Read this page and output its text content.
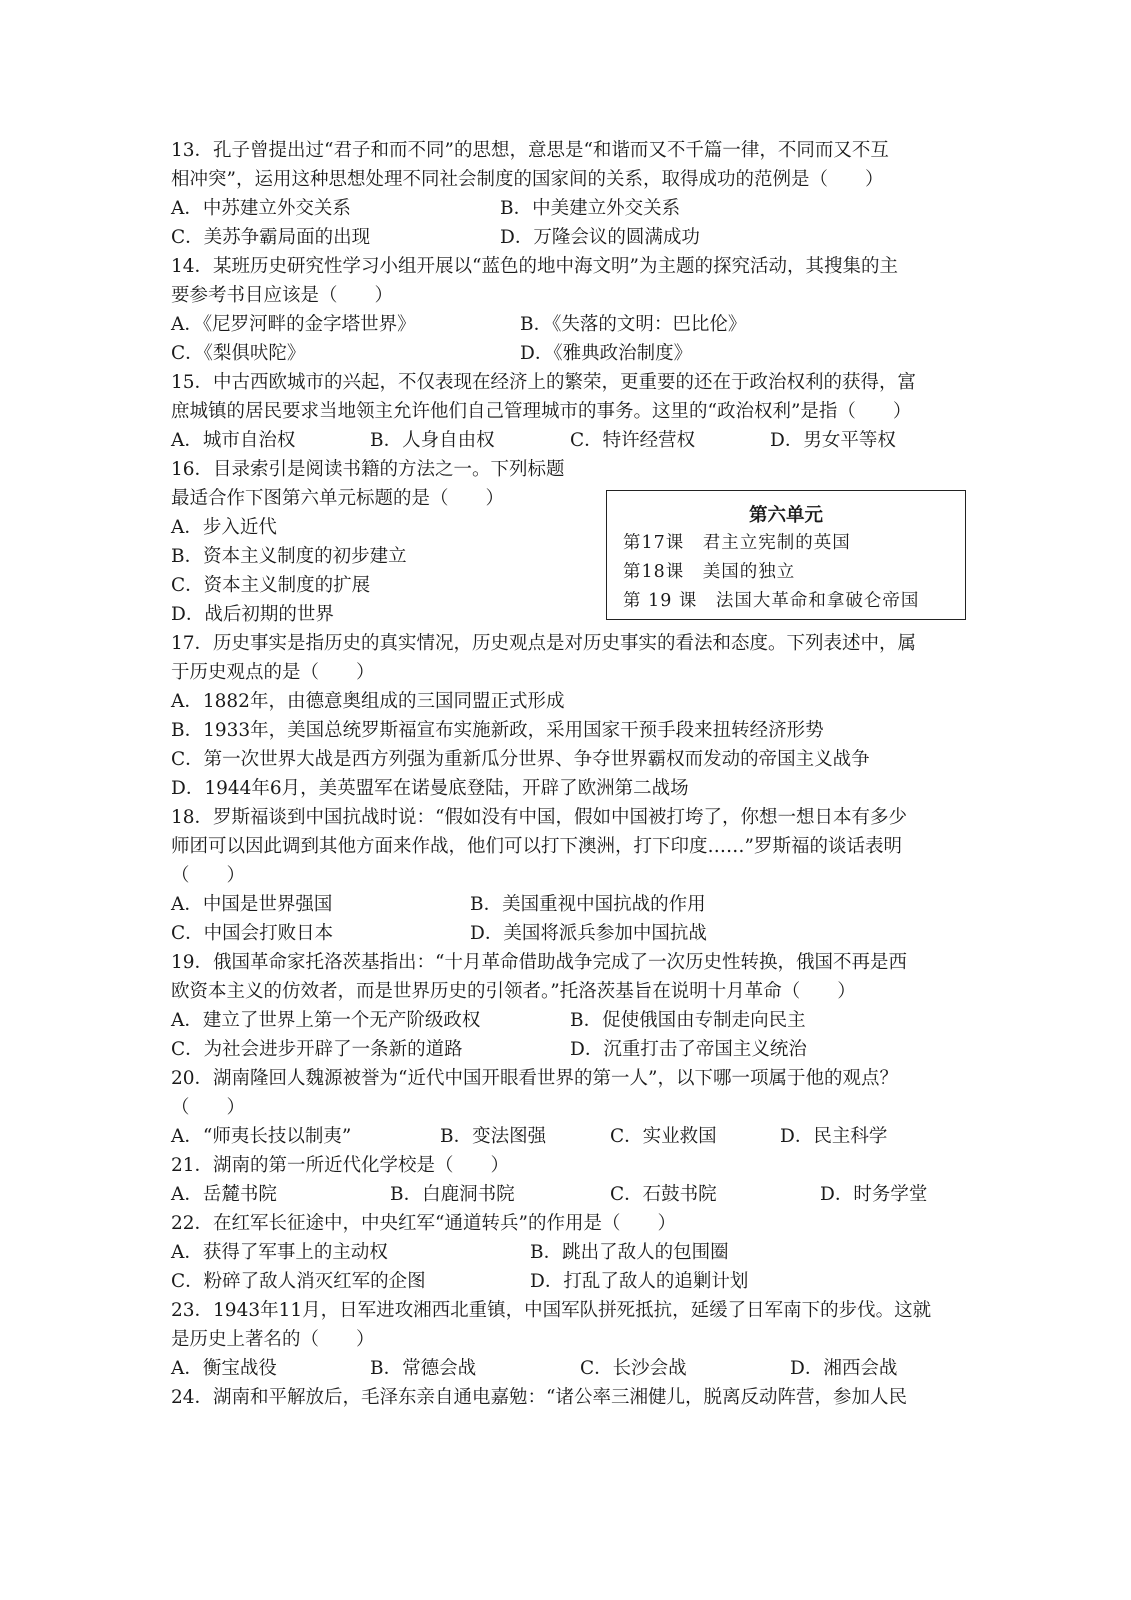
13．孔子曾提出过“君子和而不同”的思想，意思是“和谐而又不千篇一律，不同而又不互
相冲突”，运用这种思想处理不同社会制度的国家间的关系，取得成功的范例是（　　）
A．中苏建立外交关系	B．中美建立外交关系
C．美苏争霸局面的出现	D．万隆会议的圆满成功
14．某班历史研究性学习小组开展以“蓝色的地中海文明”为主题的探究活动，其搜集的主
要参考书目应该是（　　）
A．《尼罗河畔的金字塔世界》	B．《失落的文明：巴比伦》
C．《梨俱吠陀》	D．《雅典政治制度》
15．中古西欧城市的兴起，不仅表现在经济上的繁荣，更重要的还在于政治权利的获得，富
庶城镇的居民要求当地领主允许他们自己管理城市的事务。这里的“政治权利”是指（　　）
A．城市自治权	B．人身自由权	C．特许经营权	D．男女平等权
16．目录索引是阅读书籍的方法之一。下列标题
最适合作下图第六单元标题的是（　　）
A．步入近代
B．资本主义制度的初步建立
C．资本主义制度的扩展
D．战后初期的世界
第六单元
第17课　君主立宪制的英国
第18课　美国的独立
第 19 课　法国大革命和拿破仑帝国
17．历史事实是指历史的真实情况，历史观点是对历史事实的看法和态度。下列表述中，属
于历史观点的是（　　）
A．1882年，由德意奥组成的三国同盟正式形成
B．1933年，美国总统罗斯福宣布实施新政，采用国家干预手段来扭转经济形势
C．第一次世界大战是西方列强为重新瓜分世界、争夺世界霸权而发动的帝国主义战争
D．1944年6月，美英盟军在诺曼底登陆，开辟了欧洲第二战场
18．罗斯福谈到中国抗战时说：“假如没有中国，假如中国被打垮了，你想一想日本有多少
师团可以因此调到其他方面来作战，他们可以打下澳洲，打下印度……”罗斯福的谈话表明
（　　）
A．中国是世界强国	B．美国重视中国抗战的作用
C．中国会打败日本	D．美国将派兵参加中国抗战
19．俄国革命家托洛茨基指出：“十月革命借助战争完成了一次历史性转换，俄国不再是西
欧资本主义的仿效者，而是世界历史的引领者。”托洛茨基旨在说明十月革命（　　）
A．建立了世界上第一个无产阶级政权	B．促使俄国由专制走向民主
C．为社会进步开辟了一条新的道路	D．沉重打击了帝国主义统治
20．湖南隆回人魏源被誉为“近代中国开眼看世界的第一人”，以下哪一项属于他的观点？
（　　）
A．“师夷长技以制夷”	B．变法图强	C．实业救国	D．民主科学
21．湖南的第一所近代化学校是（　　）
A．岳麓书院	B．白鹿洞书院	C．石鼓书院	D．时务学堂
22．在红军长征途中，中央红军“通道转兵”的作用是（　　）
A．获得了军事上的主动权	B．跳出了敌人的包围圈
C．粉碎了敌人消灭红军的企图	D．打乱了敌人的追剿计划
23．1943年11月，日军进攻湘西北重镇，中国军队拼死抵抗，延缓了日军南下的步伐。这就
是历史上著名的（　　）
A．衡宝战役	B．常德会战	C．长沙会战	D．湘西会战
24．湖南和平解放后，毛泽东亲自通电嘉勉：“诸公率三湘健儿，脱离反动阵营，参加人民
